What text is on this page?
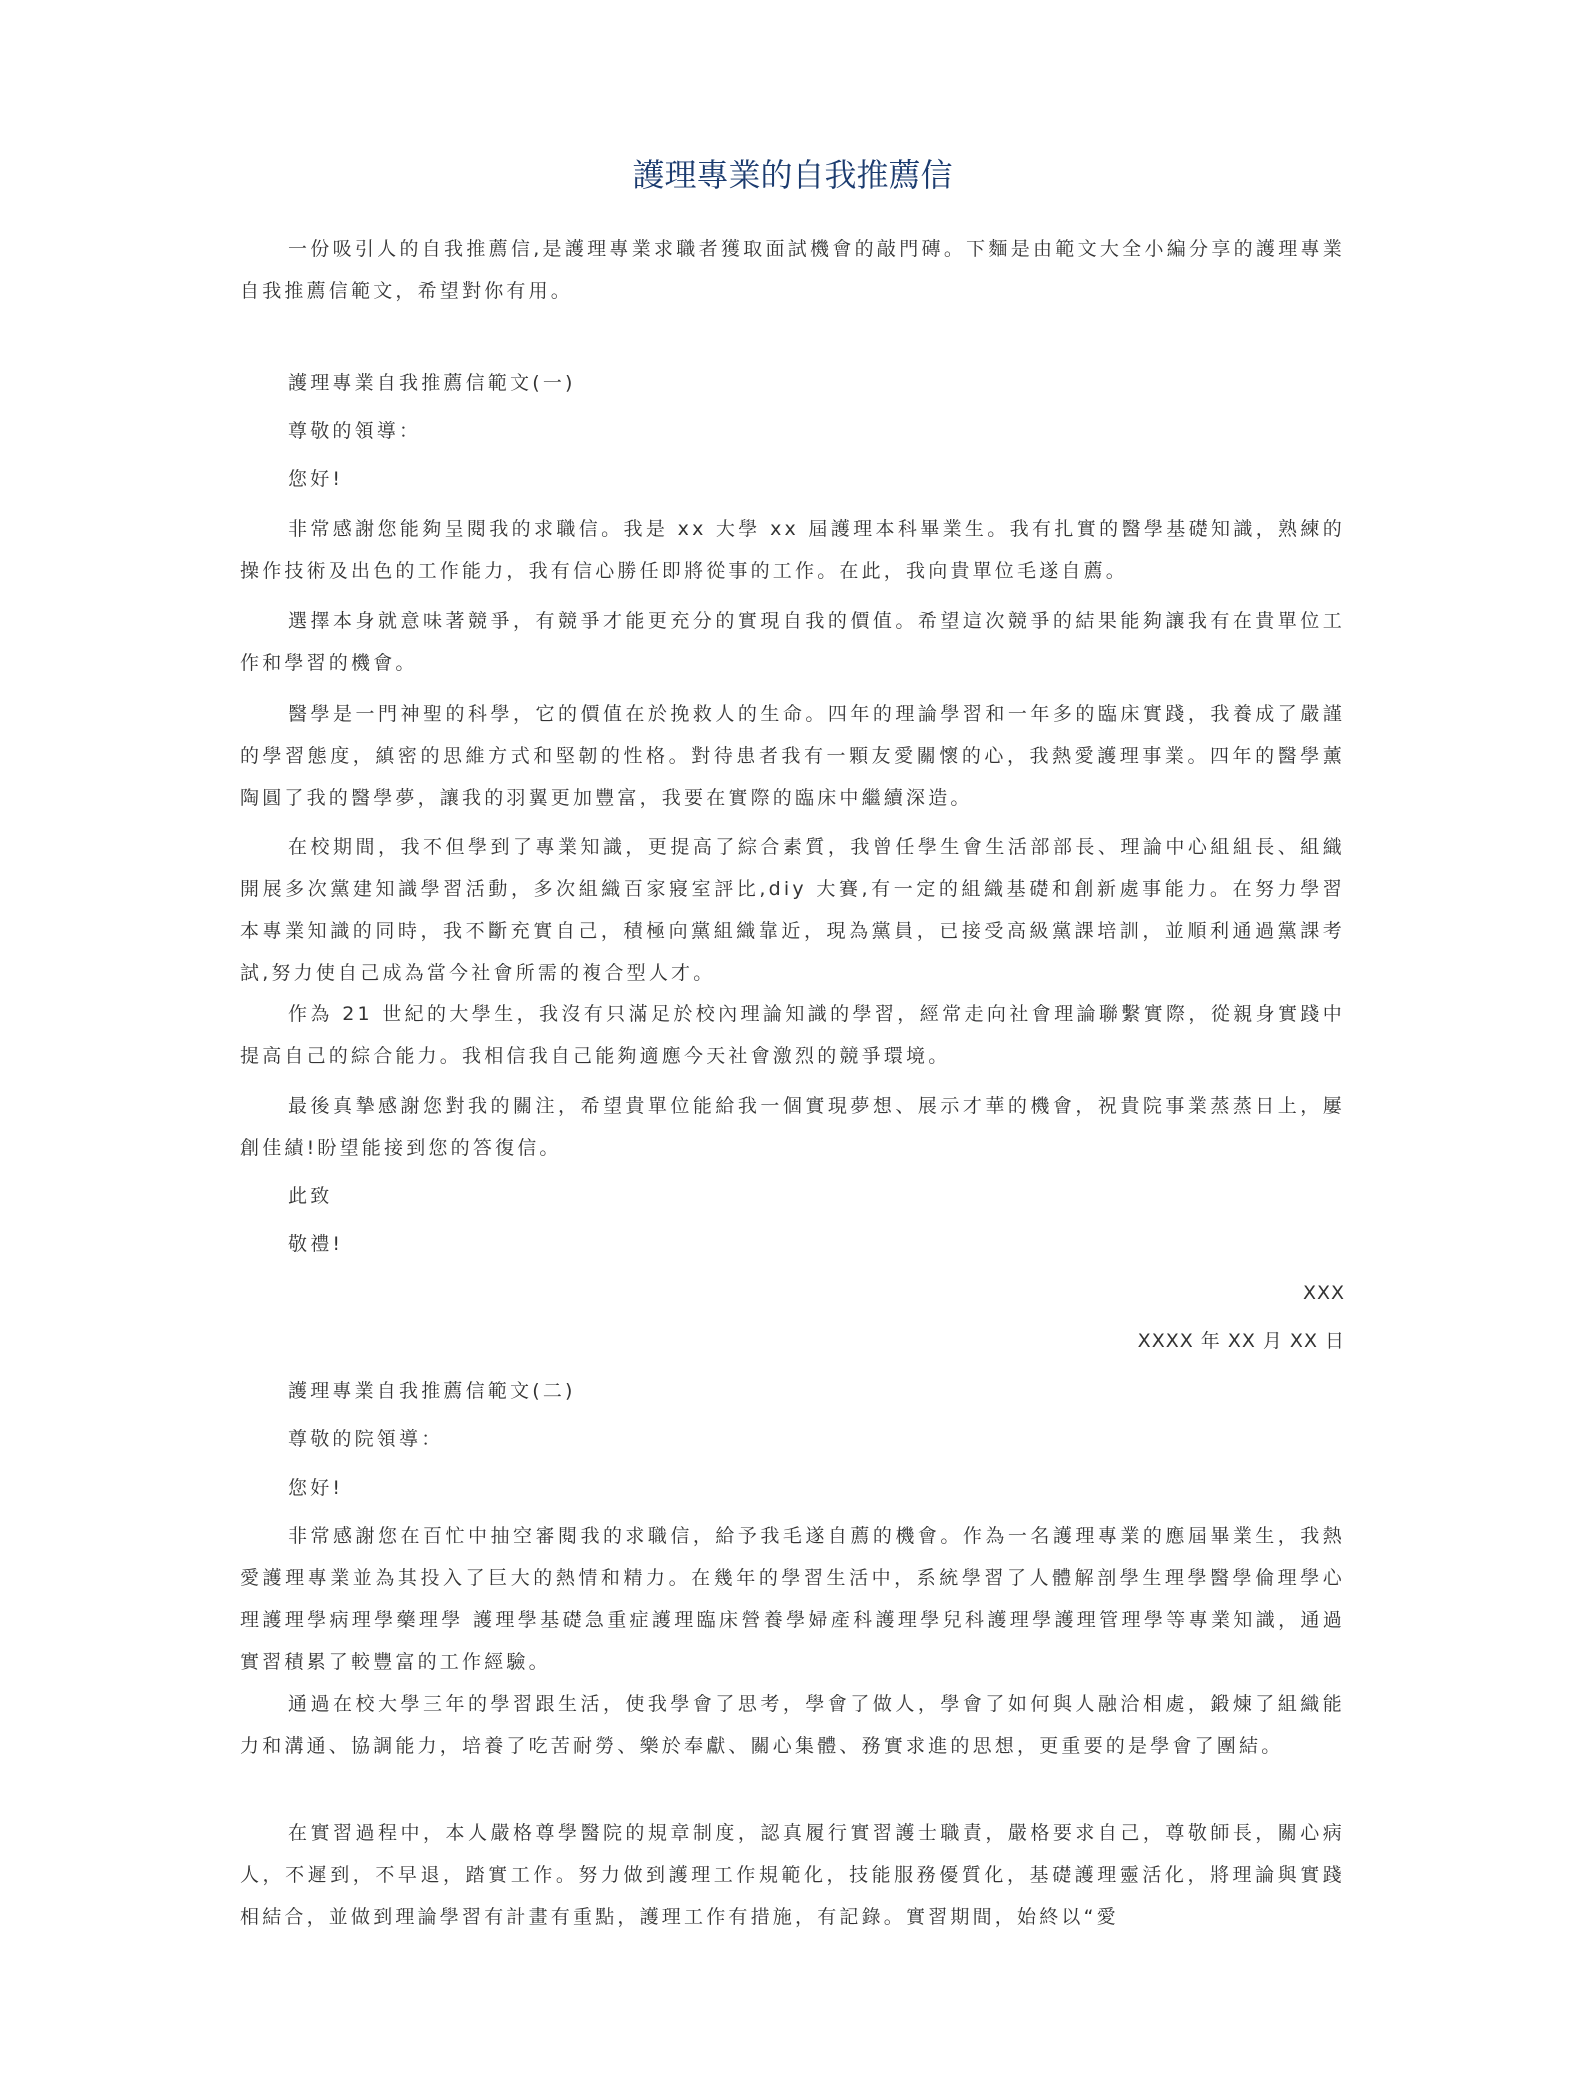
護理專業的自我推薦信

一份吸引人的自我推薦信,是護理專業求職者獲取面試機會的敲門磚。下麵是由範文大全小編分享的護理專業自我推薦信範文，希望對你有用。

護理專業自我推薦信範文(一)

尊敬的領導：

您好!

非常感謝您能夠呈閱我的求職信。我是 xx 大學 xx 屆護理本科畢業生。我有扎實的醫學基礎知識，熟練的操作技術及出色的工作能力，我有信心勝任即將從事的工作。在此，我向貴單位毛遂自薦。

選擇本身就意味著競爭，有競爭才能更充分的實現自我的價值。希望這次競爭的結果能夠讓我有在貴單位工作和學習的機會。

醫學是一門神聖的科學，它的價值在於挽救人的生命。四年的理論學習和一年多的臨床實踐，我養成了嚴謹的學習態度，縝密的思維方式和堅韌的性格。對待患者我有一顆友愛關懷的心，我熱愛護理事業。四年的醫學薰陶圓了我的醫學夢，讓我的羽翼更加豐富，我要在實際的臨床中繼續深造。

在校期間，我不但學到了專業知識，更提高了綜合素質，我曾任學生會生活部部長、理論中心組組長、組織開展多次黨建知識學習活動，多次組織百家寢室評比,diy 大賽,有一定的組織基礎和創新處事能力。在努力學習本專業知識的同時，我不斷充實自己，積極向黨組織靠近，現為黨員，已接受高級黨課培訓，並順利通過黨課考試,努力使自己成為當今社會所需的複合型人才。

作為 21 世紀的大學生，我沒有只滿足於校內理論知識的學習，經常走向社會理論聯繫實際，從親身實踐中提高自己的綜合能力。我相信我自己能夠適應今天社會激烈的競爭環境。

最後真摯感謝您對我的關注，希望貴單位能給我一個實現夢想、展示才華的機會，祝貴院事業蒸蒸日上，屢創佳績!盼望能接到您的答復信。

此致

敬禮!

XXX

XXXX 年 XX 月 XX 日

護理專業自我推薦信範文(二)

尊敬的院領導：

您好!

非常感謝您在百忙中抽空審閱我的求職信，給予我毛遂自薦的機會。作為一名護理專業的應屆畢業生，我熱愛護理專業並為其投入了巨大的熱情和精力。在幾年的學習生活中，系統學習了人體解剖學生理學醫學倫理學心理護理學病理學藥理學 護理學基礎急重症護理臨床營養學婦產科護理學兒科護理學護理管理學等專業知識，通過實習積累了較豐富的工作經驗。

通過在校大學三年的學習跟生活，使我學會了思考，學會了做人，學會了如何與人融洽相處，鍛煉了組織能力和溝通、協調能力，培養了吃苦耐勞、樂於奉獻、關心集體、務實求進的思想，更重要的是學會了團結。

在實習過程中，本人嚴格尊學醫院的規章制度，認真履行實習護士職責，嚴格要求自己，尊敬師長，關心病人，不遲到，不早退，踏實工作。努力做到護理工作規範化，技能服務優質化，基礎護理靈活化，將理論與實踐相結合，並做到理論學習有計畫有重點，護理工作有措施，有記錄。實習期間，始終以“愛
